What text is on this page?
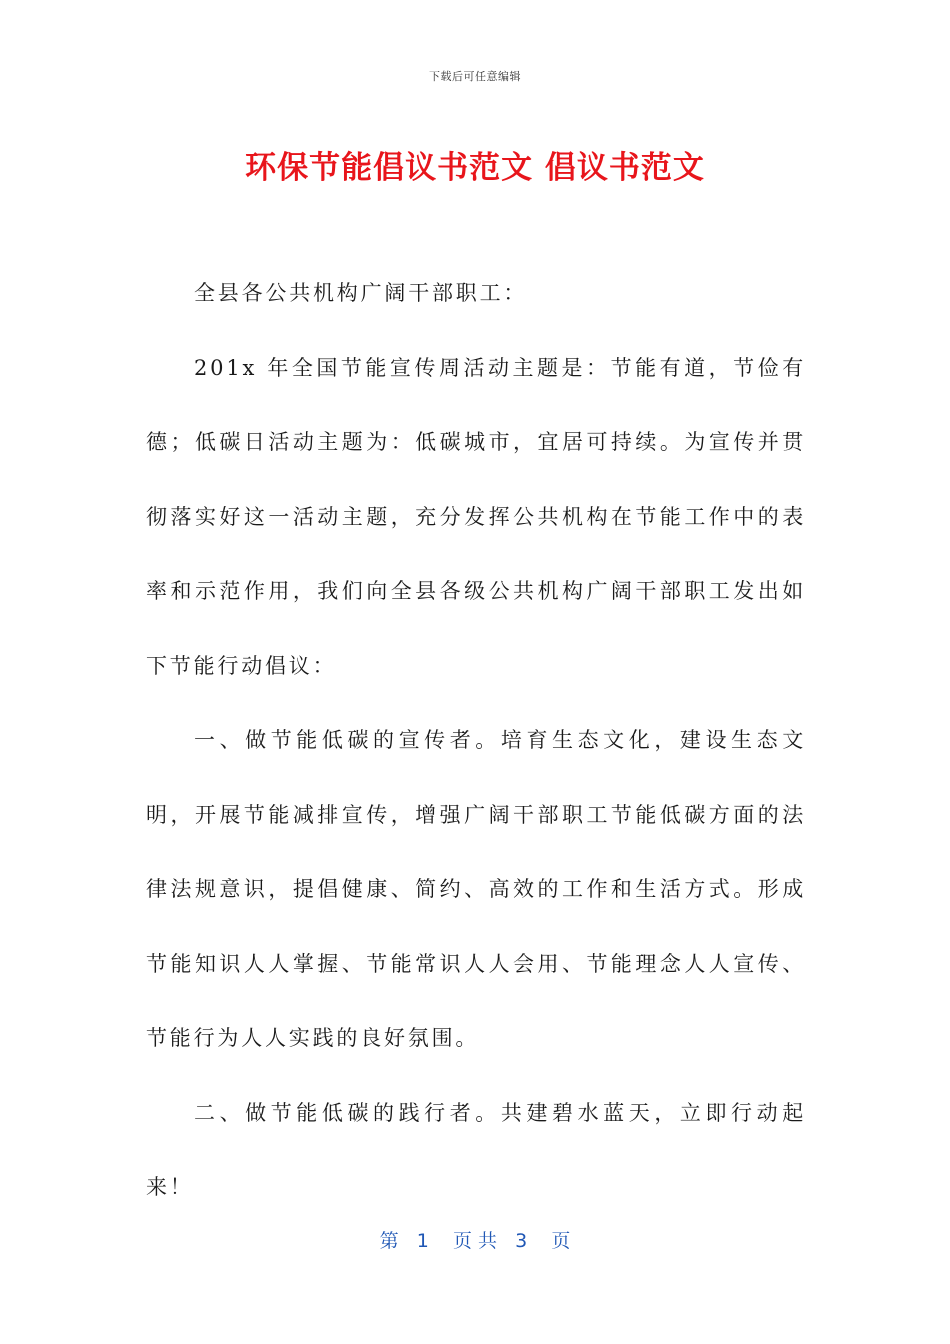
下载后可任意编辑
环保节能倡议书范文 倡议书范文

全县各公共机构广阔干部职工：

201x 年全国节能宣传周活动主题是：节能有道，节俭有德；低碳日活动主题为：低碳城市，宜居可持续。为宣传并贯彻落实好这一活动主题，充分发挥公共机构在节能工作中的表率和示范作用，我们向全县各级公共机构广阔干部职工发出如下节能行动倡议：

一、做节能低碳的宣传者。培育生态文化，建设生态文明，开展节能减排宣传，增强广阔干部职工节能低碳方面的法律法规意识，提倡健康、简约、高效的工作和生活方式。形成节能知识人人掌握、节能常识人人会用、节能理念人人宣传、节能行为人人实践的良好氛围。

二、做节能低碳的践行者。共建碧水蓝天，立即行动起来！

第   1    页 共   3    页
